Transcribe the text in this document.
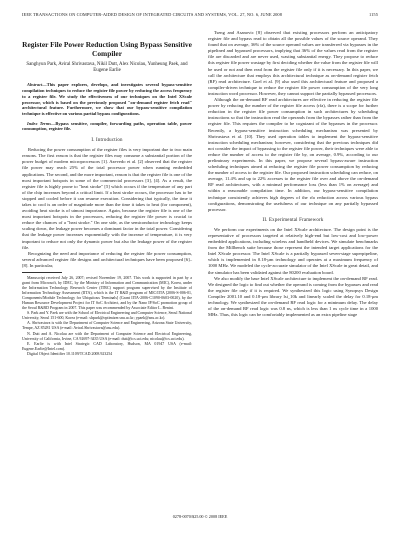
IEEE TRANSACTIONS ON COMPUTER-AIDED DESIGN OF INTEGRATED CIRCUITS AND SYSTEMS, VOL. 27, NO. 6, JUNE 2008	1155
Register File Power Reduction Using Bypass Sensitive Compiler
Sanghyun Park, Aviral Shrivastava, Nikil Dutt, Alex Nicolau, Yunheung Paek, and Eugene Earlie
Abstract—This paper explores, develops, and investigates several bypass-sensitive compilation techniques to reduce the register file power by reducing the access frequency to a register file. We study the effectiveness of our techniques on the Intel XScale processor, which is based on the previously proposed "on-demand register fetch read" architectural feature. Furthermore, we show that our bypass-sensitive compilation technique is effective on various partial bypass configurations.
Index Terms—Bypass sensitive, compiler, forwarding paths, operation table, power consumption, register file.
I. Introduction

Reducing the power consumption of the register files is very important due to two main reasons. The first reason is that the register files may consume a substantial portion of the power budget of modern microprocessors [1]. Azevedo et al. [2] observed that the register file power may reach 25% of the total processor power when running embedded applications. The second, and the more important, reason is that the register file is one of the most important hotspots in some of the commercial processors [3], [4]. As a result, the register file is highly prone to "heat stroke" [5] which occurs if the temperature of any part of the chip increases beyond a critical limit. If a heat stroke occurs, the processor has to be stopped and cooled before it can resume execution. Considering that typically, the time it takes to cool is an order of magnitude more than the time it takes to heat (for component), avoiding heat stroke is of utmost importance. Again, because the register file is one of the most important hotspots in the processors, reducing the register file power is crucial to reduce the chances of a "heat stroke." On one side, as the semiconductor technology keeps scaling down, the leakage power becomes a dominant factor in the total power. Considering that the leakage power increases exponentially with the increase of temperature, it is very important to reduce not only the dynamic power but also the leakage power of the register file.

Recognizing the need and importance of reducing the register file power consumption, several advanced register file designs and architectural techniques have been proposed [6]–[8]. In particular,

Manuscript received July 26, 2007; revised November 19, 2007. This work is supported in part by a grant from Microsoft, by IDEC, by the Ministry of Information and Communication (MIC), Korea, under the Information Technology Research Center (ITRC) support program supervised by the Institute of Information Technology Assessment (IITA), which is the IT R&D program of MIC/IITA [2006-S-006-01, Components/Module Technology for Ubiquitous Terminals] (Grant IITA-2006-C1090-0603-0020), by the Human Resource Development Project for IT SoC Architect, and by the Nano IP/SoC promotion group of the Seoul R&BD Program in 2007. This paper was recommended by Associate Editor L. Benini.

S. Park and Y. Paek are with the School of Electrical Engineering and Computer Science, Seoul National University, Seoul 151-600, Korea (e-mail: shpark@optimizer.snu.ac.kr; ypaek@snu.ac.kr).

A. Shrivastava is with the Department of Computer Science and Engineering, Arizona State University, Tempe, AZ 85281 USA (e-mail: Aviral.Shrivastava@asu.edu).

N. Dutt and A. Nicolau are with the Department of Computer Science and Electrical Engineering, University of California, Irvine, CA 92697-3435 USA (e-mail: dutt@ics.uci.edu; nicolau@ics.uci.edu).

E. Earlie is with Intel Strategic CAD Laboratory, Hudson, MA 01947 USA (e-mail: Eugene.Earlie@Intel.com).

Digital Object Identifier 10.1109/TCAD.2008.923254

Tseng and Asanovic [8] observed that existing processors perform an anticipatory register file and bypass read to obtain all the possible values of the source operand. They found that on average, 36% of the source operand values are transferred via bypasses in the pipelined and bypassed processors, implying that 36% of the values read from the register file are discarded and are never used, wasting substantial energy. They propose to reduce this register file power wastage by first deciding whether the value from the register file will be used or not and then read from the register file only if it is necessary. In this paper, we call the architecture that employs this architectural technique as on-demand register fetch (RF) read architecture. Goel et al. [9] also used this architectural feature and proposed a compiler-driven technique to reduce the register file power consumption of the very long instruction word processor. However, they cannot support the partially bypassed processors.

Although the on-demand RF read architectures are effective in reducing the register file power by reducing the number of the register file access (rfa), there is a scope for further reduction in the register file power consumption in such architectures by scheduling instructions so that the instruction read the operands from the bypasses rather than from the register file. This requires the compiler to be cognizant of the bypasses in the processor. Recently, a bypass-sensitive instruction scheduling mechanism was presented by Shrivastava et al. [10]. They used operation tables to implement the bypass-sensitive instruction scheduling mechanism; however, considering that the previous techniques did not consider the impact of bypassing to the register file power, their techniques were able to reduce the number of access to the register file by, on average, 0.9%, according to our preliminary experiments. In this paper, we propose several bypass-aware instruction scheduling techniques aimed at reducing the register file power consumption by reducing the number of access to the register file. Our proposed instruction scheduling can reduce, on average, 11.4% and up to 22% accesses to the register file over and above the on-demand RF read architectures, with a minimal performance loss (less than 1% on average) and within a reasonable compilation time. In addition, our bypass-sensitive compilation technique consistently achieves high degrees of the rfa reduction across various bypass configurations, demonstrating the usefulness of our technique on any partially bypassed processor.

II. Experimental Framework

We perform our experiments on the Intel XScale architecture. The design point is the representative of processors targeted at relatively high-end but low-cost and low-power embedded applications, including wireless and handheld devices. We simulate benchmarks from the Millbench suite because those represent the intended target applications for the Intel XScale processor. The Intel XScale is a partially bypassed seven-stage superpipeline, which is implemented in 0.18-μm technology and operates at a maximum frequency of 1000 MHz. We modeled the cycle-accurate simulator of the Intel XScale in great detail, and the simulator has been validated against the 80200 evaluation board.

We also modify the base Intel XScale architecture to implement the on-demand RF read. We designed the logic to find out whether the operand is coming from the bypasses and read the register file only if it is required. We synthesized this logic using Synopsys Design Compiler 2001.10 and 0.18-μm library lsi_10k and linearly scaled the delay for 0.18-μm technology. We synthesized the on-demand RF read logic for a minimum delay. The delay of the on-demand RF read logic was 0.8 ns, which is less than 1 ns cycle time in a 1000 MHz. Thus, this logic can be comfortably implemented as an extra pipeline stage

0278-0070/$25.00 © 2008 IEEE
